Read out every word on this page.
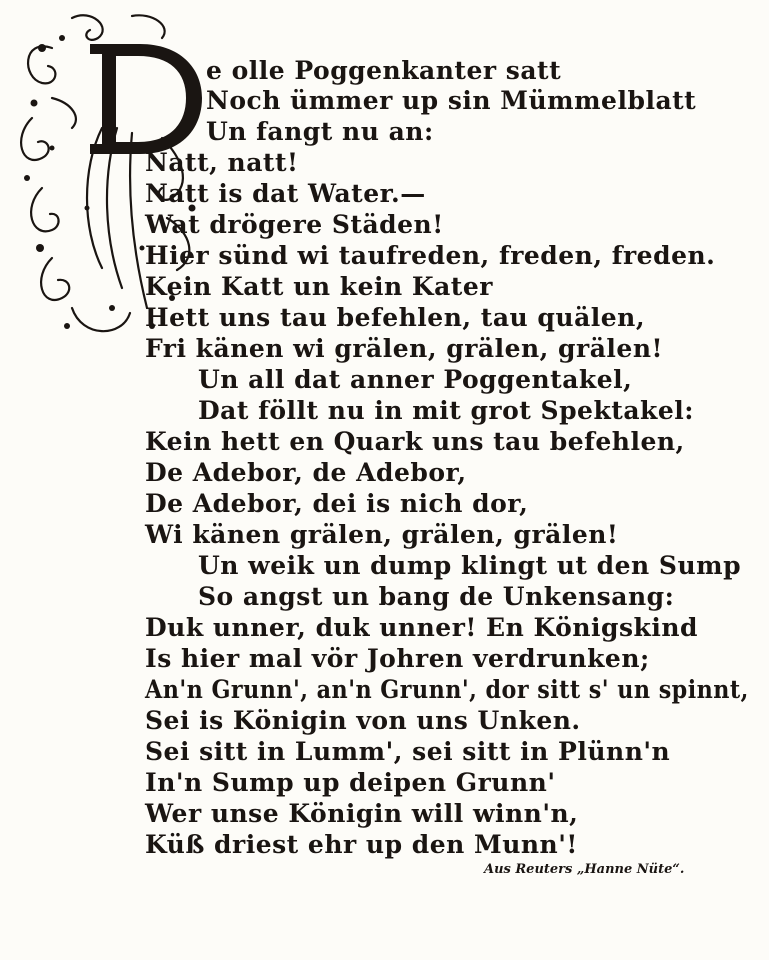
e olle Poggenkanter satt
Noch ümmer up sin Mümmelblatt
Un fangt nu an:
Natt, natt!
Natt is dat Water.—
Wat drögere Städen!
Hier sünd wi taufreden, freden, freden.
Kein Katt un kein Kater
Hett uns tau befehlen, tau quälen,
Fri känen wi grälen, grälen, grälen!
Un all dat anner Poggentakel,
Dat föllt nu in mit grot Spektakel:
Kein hett en Quark uns tau befehlen,
De Adebor, de Adebor,
De Adebor, dei is nich dor,
Wi känen grälen, grälen, grälen!
Un weik un dump klingt ut den Sump
So angst un bang de Unkensang:
Duk unner, duk unner! En Königskind
Is hier mal vör Johren verdrunken;
An'n Grunn', an'n Grunn', dor sitt s' un spinnt,
Sei is Königin von uns Unken.
Sei sitt in Lumm', sei sitt in Plünn'n
In'n Sump up deipen Grunn'
Wer unse Königin will winn'n,
Küß driest ehr up den Munn'!
Aus Reuters „Hanne Nüte“.
